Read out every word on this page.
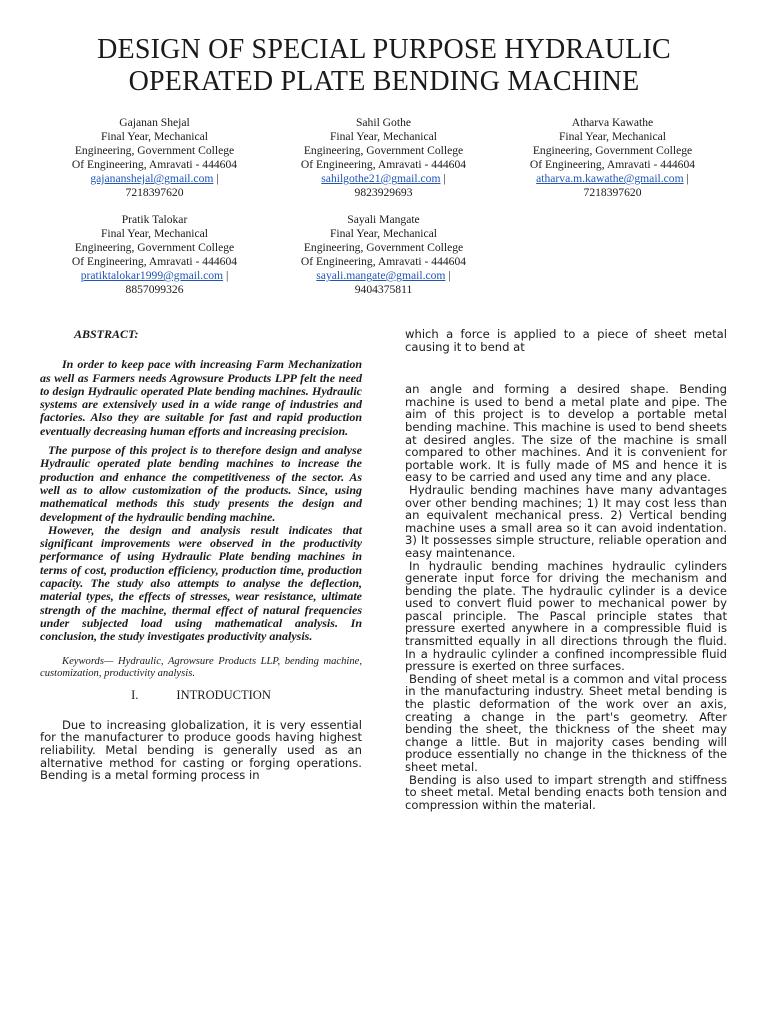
DESIGN OF SPECIAL PURPOSE HYDRAULIC
OPERATED PLATE BENDING MACHINE
Gajanan Shejal
Final Year, Mechanical
Engineering, Government College
Of Engineering, Amravati - 444604
gajananshejal@gmail.com |
7218397620
Sahil Gothe
Final Year, Mechanical
Engineering, Government College
Of Engineering, Amravati - 444604
sahilgothe21@gmail.com |
9823929693
Atharva Kawathe
Final Year, Mechanical
Engineering, Government College
Of Engineering, Amravati - 444604
atharva.m.kawathe@gmail.com |
7218397620
Pratik Talokar
Final Year, Mechanical
Engineering, Government College
Of Engineering, Amravati - 444604
pratiktalokar1999@gmail.com |
8857099326
Sayali Mangate
Final Year, Mechanical
Engineering, Government College
Of Engineering, Amravati - 444604
sayali.mangate@gmail.com |
9404375811
ABSTRACT:

In order to keep pace with increasing Farm Mechanization as well as Farmers needs Agrowsure Products LPP felt the need to design Hydraulic operated Plate bending machines. Hydraulic systems are extensively used in a wide range of industries and factories. Also they are suitable for fast and rapid production eventually decreasing human efforts and increasing precision.

The purpose of this project is to therefore design and analyse Hydraulic operated plate bending machines to increase the production and enhance the competitiveness of the sector. As well as to allow customization of the products. Since, using mathematical methods this study presents the design and development of the hydraulic bending machine.

However, the design and analysis result indicates that significant improvements were observed in the productivity performance of using Hydraulic Plate bending machines in terms of cost, production efficiency, production time, production capacity. The study also attempts to analyse the deflection, material types, the effects of stresses, wear resistance, ultimate strength of the machine, thermal effect of natural frequencies under subjected load using mathematical analysis. In conclusion, the study investigates productivity analysis.

Keywords— Hydraulic, Agrowsure Products LLP, bending machine, customization, productivity analysis.

I.	INTRODUCTION

Due to increasing globalization, it is very essential for the manufacturer to produce goods having highest reliability. Metal bending is generally used as an alternative method for casting or forging operations. Bending is a metal forming process in

which a force is applied to a piece of sheet metal causing it to bend at

an angle and forming a desired shape. Bending machine is used to bend a metal plate and pipe. The aim of this project is to develop a portable metal bending machine. This machine is used to bend sheets at desired angles. The size of the machine is small compared to other machines. And it is convenient for portable work. It is fully made of MS and hence it is easy to be carried and used any time and any place.

Hydraulic bending machines have many advantages over other bending machines; 1) It may cost less than an equivalent mechanical press. 2) Vertical bending machine uses a small area so it can avoid indentation. 3) It possesses simple structure, reliable operation and easy maintenance.

In hydraulic bending machines hydraulic cylinders generate input force for driving the mechanism and bending the plate. The hydraulic cylinder is a device used to convert fluid power to mechanical power by pascal principle. The Pascal principle states that pressure exerted anywhere in a compressible fluid is transmitted equally in all directions through the fluid. In a hydraulic cylinder a confined incompressible fluid pressure is exerted on three surfaces.

Bending of sheet metal is a common and vital process in the manufacturing industry. Sheet metal bending is the plastic deformation of the work over an axis, creating a change in the part's geometry. After bending the sheet, the thickness of the sheet may change a little. But in majority cases bending will produce essentially no change in the thickness of the sheet metal.

Bending is also used to impart strength and stiffness to sheet metal. Metal bending enacts both tension and compression within the material.
